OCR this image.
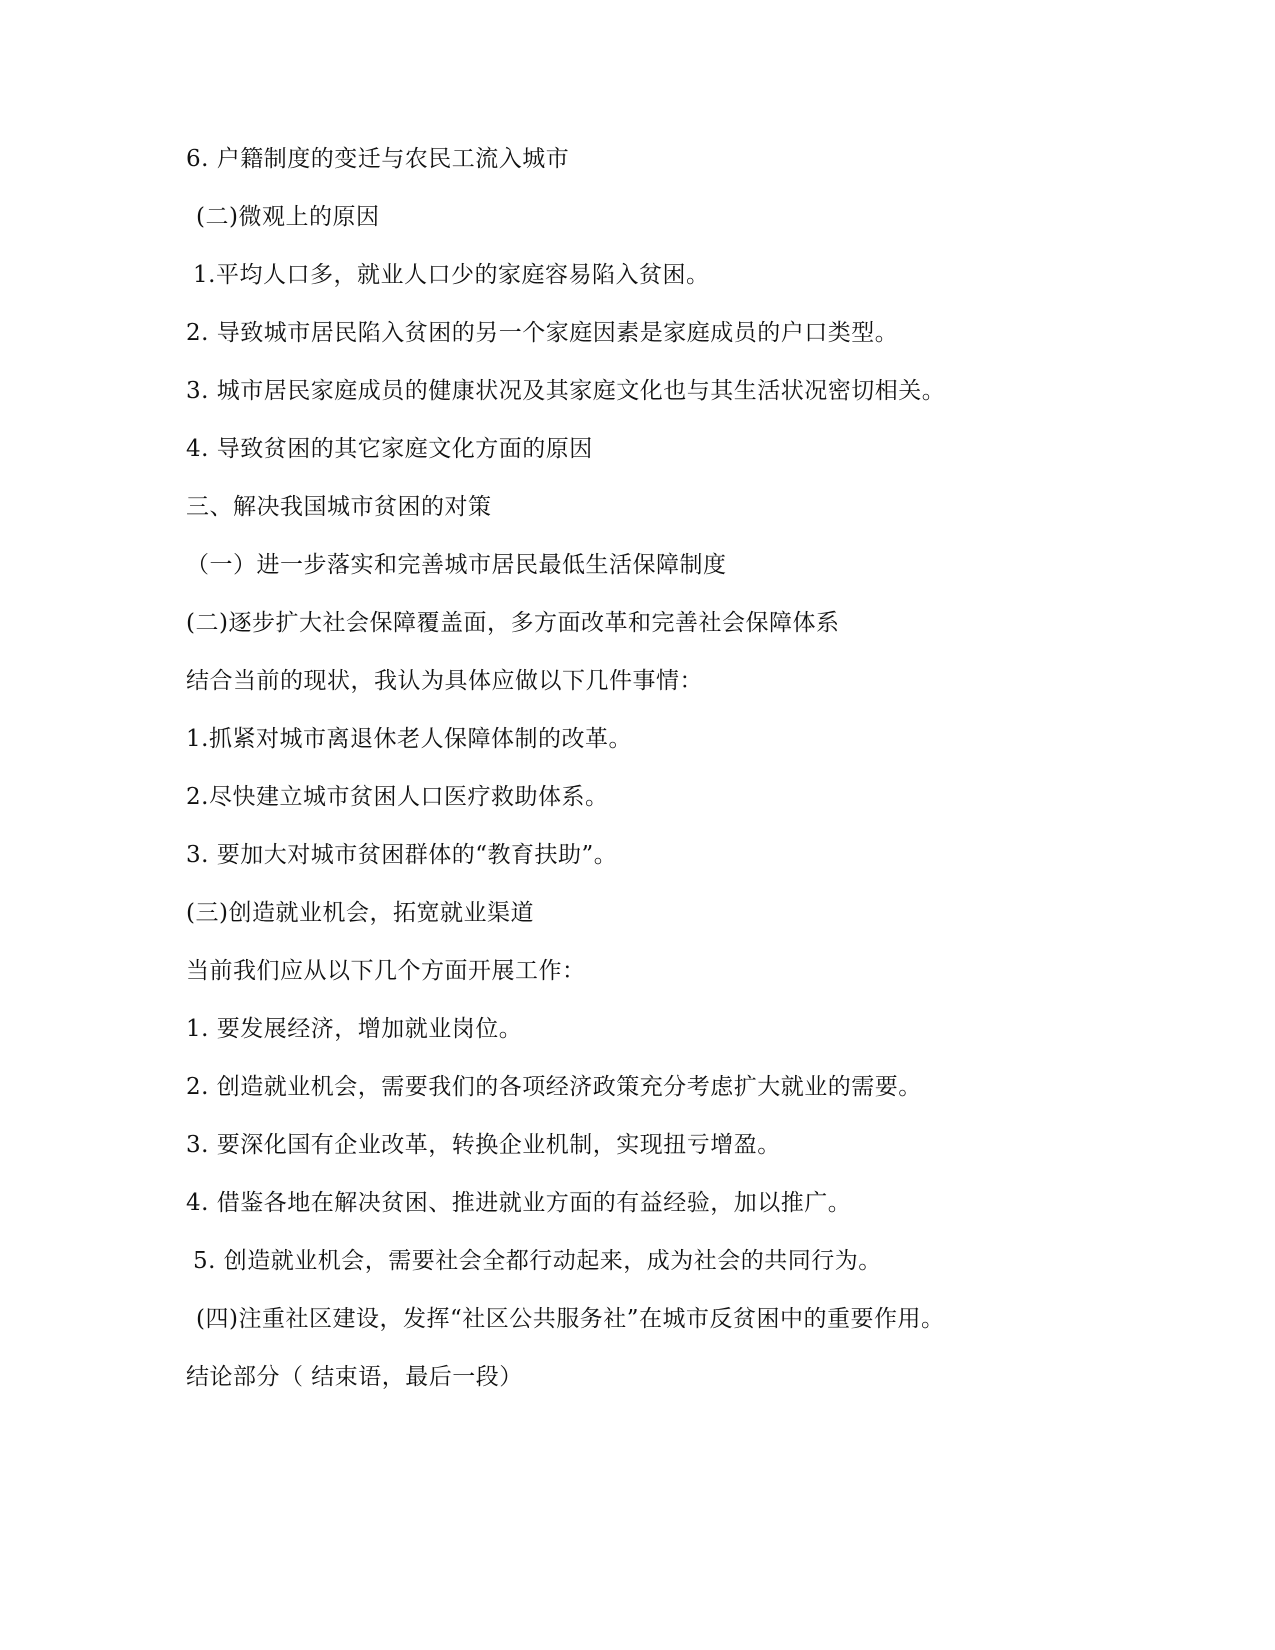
6. 户籍制度的变迁与农民工流入城市
(二)微观上的原因
1.平均人口多，就业人口少的家庭容易陷入贫困。
2. 导致城市居民陷入贫困的另一个家庭因素是家庭成员的户口类型。
3. 城市居民家庭成员的健康状况及其家庭文化也与其生活状况密切相关。
4. 导致贫困的其它家庭文化方面的原因
三、解决我国城市贫困的对策
（一）进一步落实和完善城市居民最低生活保障制度
(二)逐步扩大社会保障覆盖面，多方面改革和完善社会保障体系
结合当前的现状，我认为具体应做以下几件事情：
1.抓紧对城市离退休老人保障体制的改革。
2.尽快建立城市贫困人口医疗救助体系。
3. 要加大对城市贫困群体的“教育扶助”。
(三)创造就业机会，拓宽就业渠道
当前我们应从以下几个方面开展工作：
1. 要发展经济，增加就业岗位。
2. 创造就业机会，需要我们的各项经济政策充分考虑扩大就业的需要。
3. 要深化国有企业改革，转换企业机制，实现扭亏增盈。
4. 借鉴各地在解决贫困、推进就业方面的有益经验，加以推广。
5. 创造就业机会，需要社会全都行动起来，成为社会的共同行为。
(四)注重社区建设，发挥“社区公共服务社”在城市反贫困中的重要作用。
结论部分（ 结束语，最后一段）
